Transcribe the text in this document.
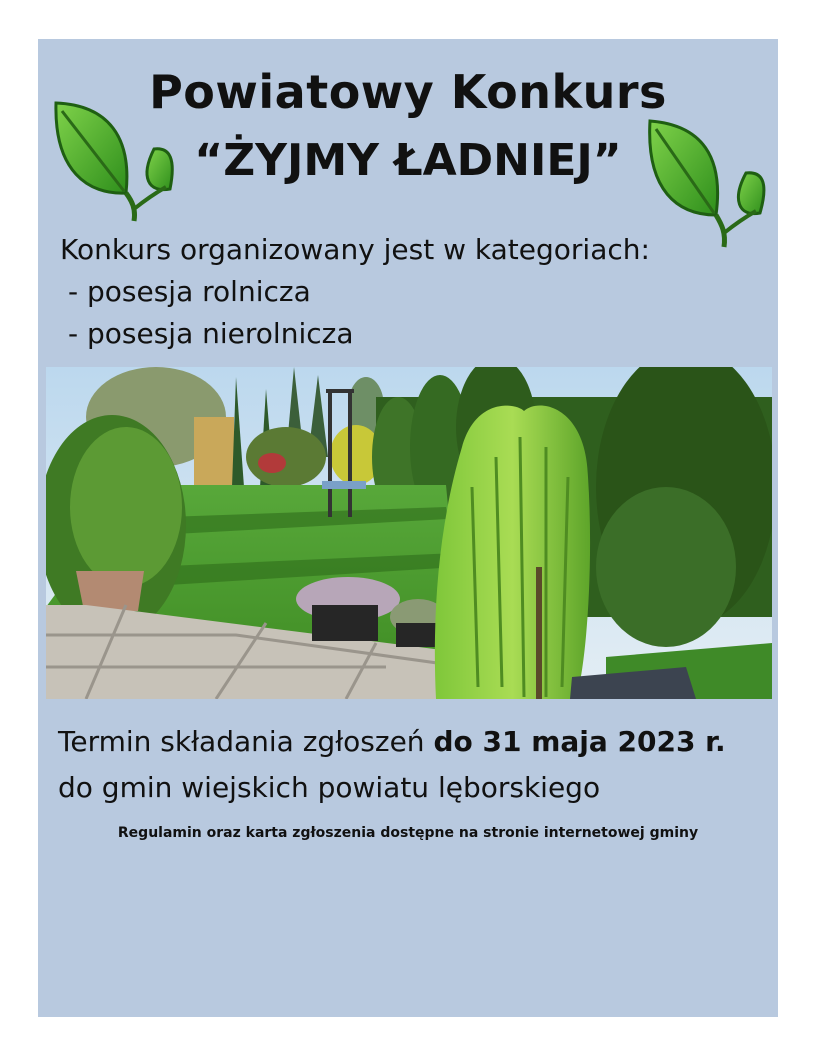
Powiatowy Konkurs
“ŻYJMY ŁADNIEJ”
Konkurs organizowany jest w kategoriach:
- posesja rolnicza
- posesja nierolnicza
Termin składania zgłoszeń do 31 maja 2023 r.
do gmin wiejskich powiatu lęborskiego
Regulamin oraz karta zgłoszenia dostępne na stronie internetowej gminy
